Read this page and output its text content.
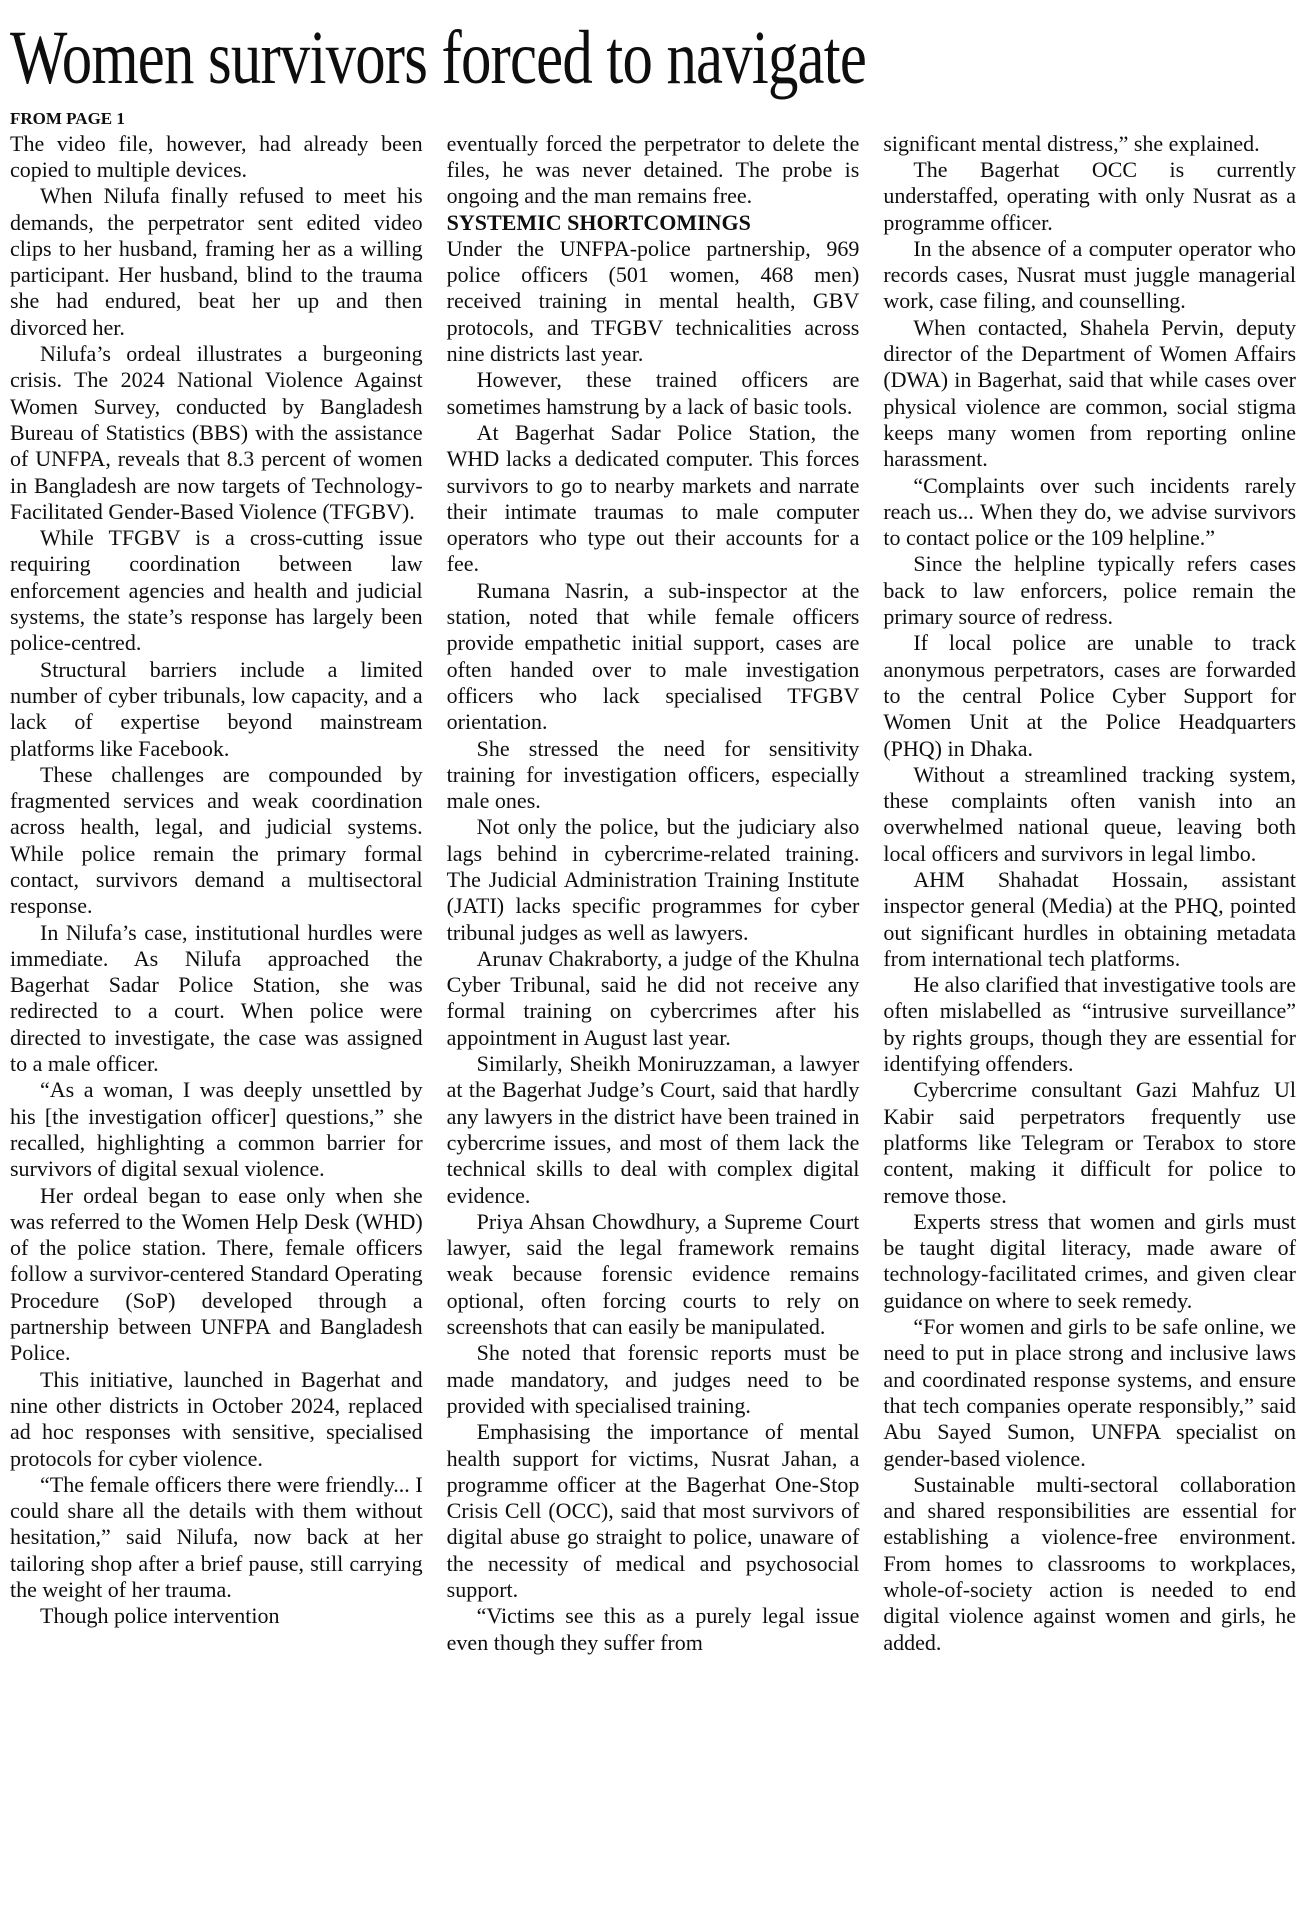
Women survivors forced to navigate
FROM PAGE 1

The video file, however, had already been copied to multiple devices.

When Nilufa finally refused to meet his demands, the perpetrator sent edited video clips to her husband, framing her as a willing participant. Her husband, blind to the trauma she had endured, beat her up and then divorced her.

Nilufa’s ordeal illustrates a burgeoning crisis. The 2024 National Violence Against Women Survey, conducted by Bangladesh Bureau of Statistics (BBS) with the assistance of UNFPA, reveals that 8.3 percent of women in Bangladesh are now targets of Technology-Facilitated Gender-Based Violence (TFGBV).

While TFGBV is a cross-cutting issue requiring coordination between law enforcement agencies and health and judicial systems, the state’s response has largely been police-centred.

Structural barriers include a limited number of cyber tribunals, low capacity, and a lack of expertise beyond mainstream platforms like Facebook.

These challenges are compounded by fragmented services and weak coordination across health, legal, and judicial systems. While police remain the primary formal contact, survivors demand a multisectoral response.

In Nilufa’s case, institutional hurdles were immediate. As Nilufa approached the Bagerhat Sadar Police Station, she was redirected to a court. When police were directed to investigate, the case was assigned to a male officer.

“As a woman, I was deeply unsettled by his [the investigation officer] questions,” she recalled, highlighting a common barrier for survivors of digital sexual violence.

Her ordeal began to ease only when she was referred to the Women Help Desk (WHD) of the police station. There, female officers follow a survivor-centered Standard Operating Procedure (SoP) developed through a partnership between UNFPA and Bangladesh Police.

This initiative, launched in Bagerhat and nine other districts in October 2024, replaced ad hoc responses with sensitive, specialised protocols for cyber violence.

“The female officers there were friendly... I could share all the details with them without hesitation,” said Nilufa, now back at her tailoring shop after a brief pause, still carrying the weight of her trauma.

Though police intervention

eventually forced the perpetrator to delete the files, he was never detained. The probe is ongoing and the man remains free.

SYSTEMIC SHORTCOMINGS

Under the UNFPA-police partnership, 969 police officers (501 women, 468 men) received training in mental health, GBV protocols, and TFGBV technicalities across nine districts last year.

However, these trained officers are sometimes hamstrung by a lack of basic tools.

At Bagerhat Sadar Police Station, the WHD lacks a dedicated computer. This forces survivors to go to nearby markets and narrate their intimate traumas to male computer operators who type out their accounts for a fee.

Rumana Nasrin, a sub-inspector at the station, noted that while female officers provide empathetic initial support, cases are often handed over to male investigation officers who lack specialised TFGBV orientation.

She stressed the need for sensitivity training for investigation officers, especially male ones.

Not only the police, but the judiciary also lags behind in cybercrime-related training. The Judicial Administration Training Institute (JATI) lacks specific programmes for cyber tribunal judges as well as lawyers.

Arunav Chakraborty, a judge of the Khulna Cyber Tribunal, said he did not receive any formal training on cybercrimes after his appointment in August last year.

Similarly, Sheikh Moniruzzaman, a lawyer at the Bagerhat Judge’s Court, said that hardly any lawyers in the district have been trained in cybercrime issues, and most of them lack the technical skills to deal with complex digital evidence.

Priya Ahsan Chowdhury, a Supreme Court lawyer, said the legal framework remains weak because forensic evidence remains optional, often forcing courts to rely on screenshots that can easily be manipulated.

She noted that forensic reports must be made mandatory, and judges need to be provided with specialised training.

Emphasising the importance of mental health support for victims, Nusrat Jahan, a programme officer at the Bagerhat One-Stop Crisis Cell (OCC), said that most survivors of digital abuse go straight to police, unaware of the necessity of medical and psychosocial support.

“Victims see this as a purely legal issue even though they suffer from

significant mental distress,” she explained.

The Bagerhat OCC is currently understaffed, operating with only Nusrat as a programme officer.

In the absence of a computer operator who records cases, Nusrat must juggle managerial work, case filing, and counselling.

When contacted, Shahela Pervin, deputy director of the Department of Women Affairs (DWA) in Bagerhat, said that while cases over physical violence are common, social stigma keeps many women from reporting online harassment.

“Complaints over such incidents rarely reach us... When they do, we advise survivors to contact police or the 109 helpline.”

Since the helpline typically refers cases back to law enforcers, police remain the primary source of redress.

If local police are unable to track anonymous perpetrators, cases are forwarded to the central Police Cyber Support for Women Unit at the Police Headquarters (PHQ) in Dhaka.

Without a streamlined tracking system, these complaints often vanish into an overwhelmed national queue, leaving both local officers and survivors in legal limbo.

AHM Shahadat Hossain, assistant inspector general (Media) at the PHQ, pointed out significant hurdles in obtaining metadata from international tech platforms.

He also clarified that investigative tools are often mislabelled as “intrusive surveillance” by rights groups, though they are essential for identifying offenders.

Cybercrime consultant Gazi Mahfuz Ul Kabir said perpetrators frequently use platforms like Telegram or Terabox to store content, making it difficult for police to remove those.

Experts stress that women and girls must be taught digital literacy, made aware of technology-facilitated crimes, and given clear guidance on where to seek remedy.

“For women and girls to be safe online, we need to put in place strong and inclusive laws and coordinated response systems, and ensure that tech companies operate responsibly,” said Abu Sayed Sumon, UNFPA specialist on gender-based violence.

Sustainable multi-sectoral collaboration and shared responsibilities are essential for establishing a violence-free environment. From homes to classrooms to workplaces, whole-of-society action is needed to end digital violence against women and girls, he added.
